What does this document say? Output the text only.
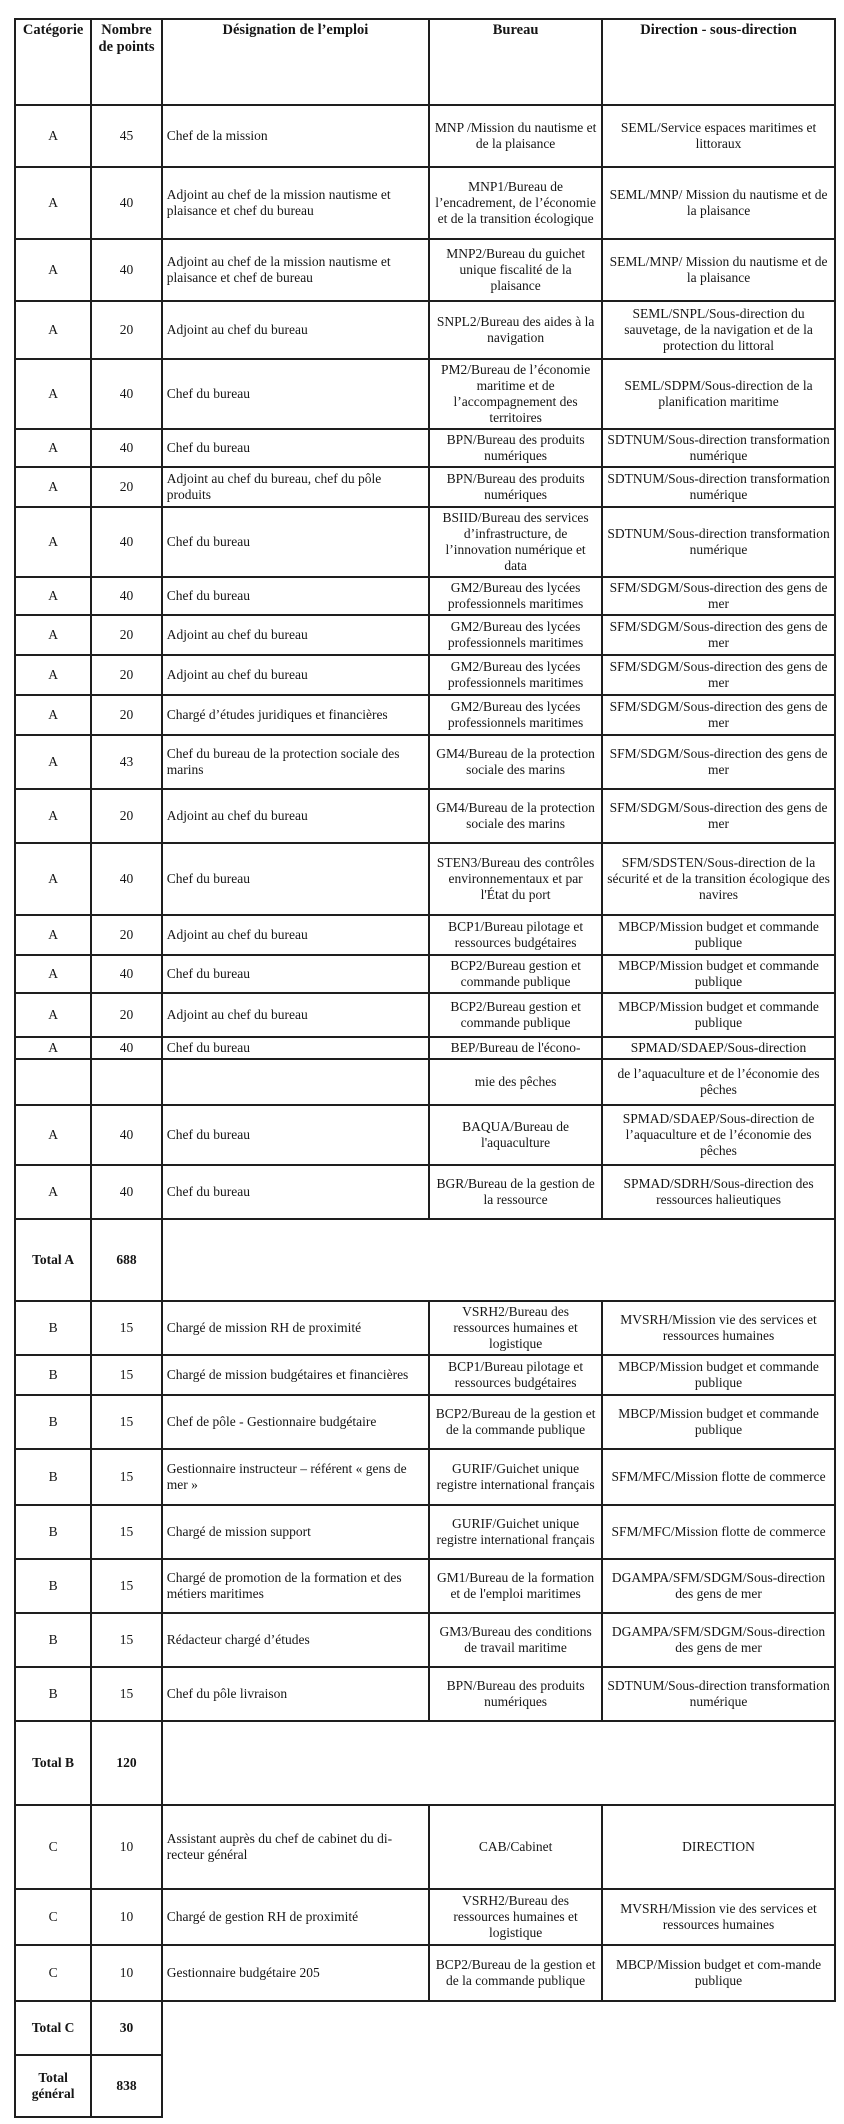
Catégorie	Nombre de points	Désignation de l’emploi	Bureau	Direction - sous-direction
A	45	Chef de la mission	MNP /Mission du nautisme et de la plaisance	SEML/Service espaces maritimes et littoraux
A	40	Adjoint au chef de la mission nautisme et plaisance et chef du bureau	MNP1/Bureau de l’encadrement, de l’économie et de la transition écologique	SEML/MNP/ Mission du nautisme et de la plaisance
A	40	Adjoint au chef de la mission nautisme et plaisance et chef de bureau	MNP2/Bureau du guichet unique fiscalité de la plaisance	SEML/MNP/ Mission du nautisme et de la plaisance
A	20	Adjoint au chef du bureau	SNPL2/Bureau des aides à la navigation	SEML/SNPL/Sous-direction du sauvetage, de la navigation et de la protection du littoral
A	40	Chef du bureau	PM2/Bureau de l’économie maritime et de l’accompagnement des territoires	SEML/SDPM/Sous-direction de la planification maritime
A	40	Chef du bureau	BPN/Bureau des produits numériques	SDTNUM/Sous-direction transformation numérique
A	20	Adjoint au chef du bureau, chef du pôle produits	BPN/Bureau des produits numériques	SDTNUM/Sous-direction transformation numérique
A	40	Chef du bureau	BSIID/Bureau des services d’infrastructure, de l’innovation numérique et data	SDTNUM/Sous-direction transformation numérique
A	40	Chef du bureau	GM2/Bureau des lycées professionnels maritimes	SFM/SDGM/Sous-direction des gens de mer
A	20	Adjoint au chef du bureau	GM2/Bureau des lycées professionnels maritimes	SFM/SDGM/Sous-direction des gens de mer
A	20	Adjoint au chef du bureau	GM2/Bureau des lycées professionnels maritimes	SFM/SDGM/Sous-direction des gens de mer
A	20	Chargé d’études juridiques et financières	GM2/Bureau des lycées professionnels maritimes	SFM/SDGM/Sous-direction des gens de mer
A	43	Chef du bureau de la protection sociale des marins	GM4/Bureau de la protection sociale des marins	SFM/SDGM/Sous-direction des gens de mer
A	20	Adjoint au chef du bureau	GM4/Bureau de la protection sociale des marins	SFM/SDGM/Sous-direction des gens de mer
A	40	Chef du bureau	STEN3/Bureau des contrôles environnementaux et par l'État du port	SFM/SDSTEN/Sous-direction de la sécurité et de la transition écologique des navires
A	20	Adjoint au chef du bureau	BCP1/Bureau pilotage et ressources budgétaires	MBCP/Mission budget et commande publique
A	40	Chef du bureau	BCP2/Bureau gestion et commande publique	MBCP/Mission budget et commande publique
A	20	Adjoint au chef du bureau	BCP2/Bureau gestion et commande publique	MBCP/Mission budget et commande publique
A	40	Chef du bureau	BEP/Bureau de l'écono-	SPMAD/SDAEP/Sous-direction
			mie des pêches	de l’aquaculture et de l’économie des pêches
A	40	Chef du bureau	BAQUA/Bureau de l'aquaculture	SPMAD/SDAEP/Sous-direction de l’aquaculture et de l’économie des pêches
A	40	Chef du bureau	BGR/Bureau de la gestion de la ressource	SPMAD/SDRH/Sous-direction des ressources halieutiques
Total A	688			
B	15	Chargé de mission RH de proximité	VSRH2/Bureau des ressources humaines et logistique	MVSRH/Mission vie des services et ressources humaines
B	15	Chargé de mission budgétaires et financières	BCP1/Bureau pilotage et ressources budgétaires	MBCP/Mission budget et commande publique
B	15	Chef de pôle - Gestionnaire budgétaire	BCP2/Bureau de la gestion et de la commande publique	MBCP/Mission budget et commande publique
B	15	Gestionnaire instructeur – référent « gens de mer »	GURIF/Guichet unique registre international français	SFM/MFC/Mission flotte de commerce
B	15	Chargé de mission support	GURIF/Guichet unique registre international français	SFM/MFC/Mission flotte de commerce
B	15	Chargé de promotion de la formation et des métiers maritimes	GM1/Bureau de la formation et de l'emploi maritimes	DGAMPA/SFM/SDGM/Sous-direction des gens de mer
B	15	Rédacteur chargé d’études	GM3/Bureau des conditions de travail maritime	DGAMPA/SFM/SDGM/Sous-direction des gens de mer
B	15	Chef du pôle livraison	BPN/Bureau des produits numériques	SDTNUM/Sous-direction transformation numérique
Total B	120			
C	10	Assistant auprès du chef de cabinet du di-recteur général	CAB/Cabinet	DIRECTION
C	10	Chargé de gestion RH de proximité	VSRH2/Bureau des ressources humaines et logistique	MVSRH/Mission vie des services et ressources humaines
C	10	Gestionnaire budgétaire 205	BCP2/Bureau de la gestion et de la commande publique	MBCP/Mission budget et com-mande publique
Total C	30			
Total général	838			
